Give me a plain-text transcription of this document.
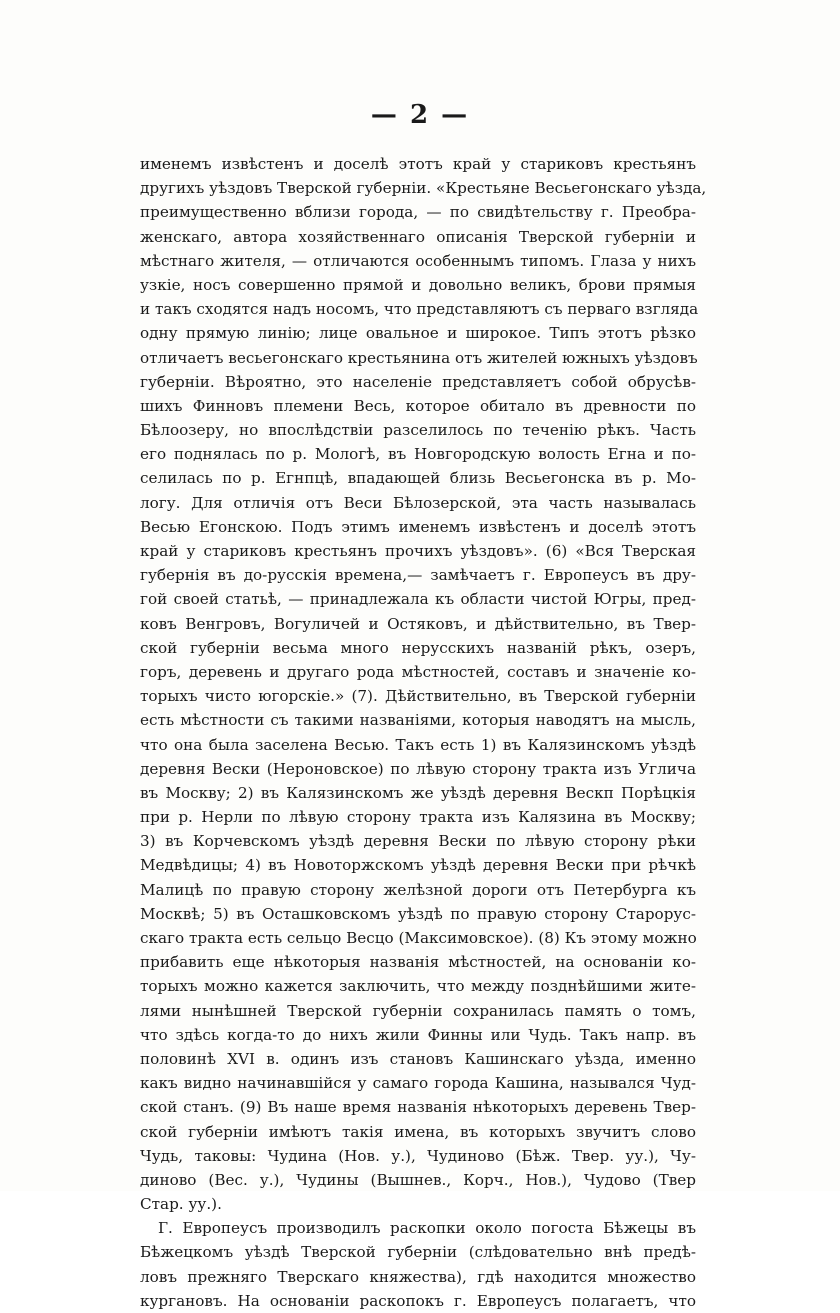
— 2 —
именемъ извѣстенъ и доселѣ этотъ край у стариковъ крестьянъ
другихъ уѣздовъ Тверской губерніи. «Крестьяне Весьегонскаго уѣзда,
преимущественно вблизи города, — по свидѣтельству г. Преобра-
женскаго, автора хозяйственнаго описанія Тверской губерніи и
мѣстнаго жителя, — отличаются особеннымъ типомъ. Глаза у нихъ
узкіе, носъ совершенно прямой и довольно великъ, брови прямыя
и такъ сходятся надъ носомъ, что представляютъ съ перваго взгляда
одну прямую линію; лице овальное и широкое. Типъ этотъ рѣзко
отличаетъ весьегонскаго крестьянина отъ жителей южныхъ уѣздовъ
губерніи. Вѣроятно, это населеніе представляетъ собой обрусѣв-
шихъ Финновъ племени Весь, которое обитало въ древности по
Бѣлоозеру, но впослѣдствіи разселилось по теченію рѣкъ. Часть
его поднялась по р. Мологѣ, въ Новгородскую волость Егна и по-
селилась по р. Егнпцѣ, впадающей близь Весьегонска въ р. Мо-
логу. Для отличія отъ Веси Бѣлозерской, эта часть называлась
Весью Егонскою. Подъ этимъ именемъ извѣстенъ и доселѣ этотъ
край у стариковъ крестьянъ прочихъ уѣздовъ». (6) «Вся Тверская
губернія въ до-русскія времена,— замѣчаетъ г. Европеусъ въ дру-
гой своей статьѣ, — принадлежала къ области чистой Югры, пред-
ковъ Венгровъ, Вогуличей и Остяковъ, и дѣйствительно, въ Твер-
ской губерніи весьма много нерусскихъ названій рѣкъ, озеръ,
горъ, деревень и другаго рода мѣстностей, составъ и значеніе ко-
торыхъ чисто югорскіе.» (7). Дѣйствительно, въ Тверской губерніи
есть мѣстности съ такими названіями, которыя наводятъ на мысль,
что она была заселена Весью. Такъ есть 1) въ Калязинскомъ уѣздѣ
деревня Вески (Нероновское) по лѣвую сторону тракта изъ Углича
въ Москву; 2) въ Калязинскомъ же уѣздѣ деревня Вескп Порѣцкія
при р. Нерли по лѣвую сторону тракта изъ Калязина въ Москву;
3) въ Корчевскомъ уѣздѣ деревня Вески по лѣвую сторону рѣки
Медвѣдицы; 4) въ Новоторжскомъ уѣздѣ деревня Вески при рѣчкѣ
Малицѣ по правую сторону желѣзной дороги отъ Петербурга къ
Москвѣ; 5) въ Осташковскомъ уѣздѣ по правую сторону Старорус-
скаго тракта есть сельцо Весцо (Максимовское). (8) Къ этому можно
прибавить еще нѣкоторыя названія мѣстностей, на основаніи ко-
торыхъ можно кажется заключить, что между позднѣйшими жите-
лями нынѣшней Тверской губерніи сохранилась память о томъ,
что здѣсь когда-то до нихъ жили Финны или Чудь. Такъ напр. въ
половинѣ XVI в. одинъ изъ становъ Кашинскаго уѣзда, именно
какъ видно начинавшійся у самаго города Кашина, назывался Чуд-
ской станъ. (9) Въ наше время названія нѣкоторыхъ деревень Твер-
ской губерніи имѣютъ такія имена, въ которыхъ звучитъ слово
Чудь, таковы: Чудина (Нов. у.), Чудиново (Бѣж. Твер. уу.), Чу-
диново (Вес. у.), Чудины (Вышнев., Корч., Нов.), Чудово (Твер
Стар. уу.).
Г. Европеусъ производилъ раскопки около погоста Бѣжецы въ
Бѣжецкомъ уѣздѣ Тверской губерніи (слѣдовательно внѣ предѣ-
ловъ прежняго Тверскаго княжества), гдѣ находится множество
кургановъ. На основаніи раскопокъ г. Европеусъ полагаетъ, что
